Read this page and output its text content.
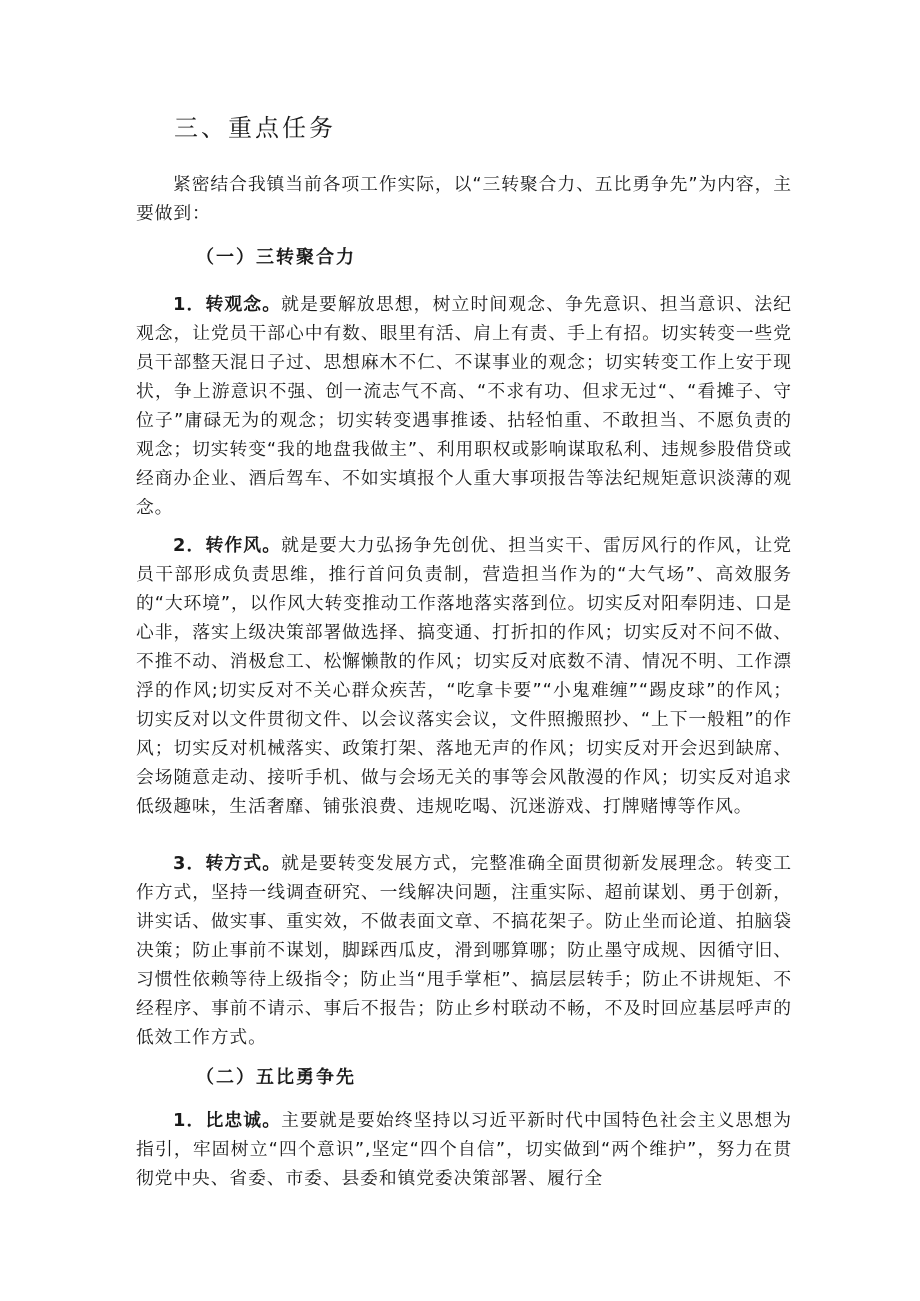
三、重点任务

紧密结合我镇当前各项工作实际，以“三转聚合力、五比勇争先”为内容，主要做到：

（一）三转聚合力

1．转观念。就是要解放思想，树立时间观念、争先意识、担当意识、法纪观念，让党员干部心中有数、眼里有活、肩上有责、手上有招。切实转变一些党员干部整天混日子过、思想麻木不仁、不谋事业的观念；切实转变工作上安于现状，争上游意识不强、创一流志气不高、“不求有功、但求无过“、“看摊子、守位子”庸碌无为的观念；切实转变遇事推诿、拈轻怕重、不敢担当、不愿负责的观念；切实转变“我的地盘我做主”、利用职权或影响谋取私利、违规参股借贷或经商办企业、酒后驾车、不如实填报个人重大事项报告等法纪规矩意识淡薄的观念。

2．转作风。就是要大力弘扬争先创优、担当实干、雷厉风行的作风，让党员干部形成负责思维，推行首问负责制，营造担当作为的“大气场”、高效服务的“大环境”，以作风大转变推动工作落地落实落到位。切实反对阳奉阴违、口是心非，落实上级决策部署做选择、搞变通、打折扣的作风；切实反对不问不做、不推不动、消极怠工、松懈懒散的作风；切实反对底数不清、情况不明、工作漂浮的作风;切实反对不关心群众疾苦，“吃拿卡要”“小鬼难缠”“踢皮球”的作风；切实反对以文件贯彻文件、以会议落实会议，文件照搬照抄、“上下一般粗”的作风；切实反对机械落实、政策打架、落地无声的作风；切实反对开会迟到缺席、会场随意走动、接听手机、做与会场无关的事等会风散漫的作风；切实反对追求低级趣味，生活奢靡、铺张浪费、违规吃喝、沉迷游戏、打牌赌博等作风。

3．转方式。就是要转变发展方式，完整准确全面贯彻新发展理念。转变工作方式，坚持一线调查研究、一线解决问题，注重实际、超前谋划、勇于创新，讲实话、做实事、重实效，不做表面文章、不搞花架子。防止坐而论道、拍脑袋决策；防止事前不谋划，脚踩西瓜皮，滑到哪算哪；防止墨守成规、因循守旧、习惯性依赖等待上级指令；防止当“甩手掌柜”、搞层层转手；防止不讲规矩、不经程序、事前不请示、事后不报告；防止乡村联动不畅，不及时回应基层呼声的低效工作方式。

（二）五比勇争先

1．比忠诚。主要就是要始终坚持以习近平新时代中国特色社会主义思想为指引，牢固树立“四个意识”,坚定“四个自信”，切实做到“两个维护”，努力在贯彻党中央、省委、市委、县委和镇党委决策部署、履行全
